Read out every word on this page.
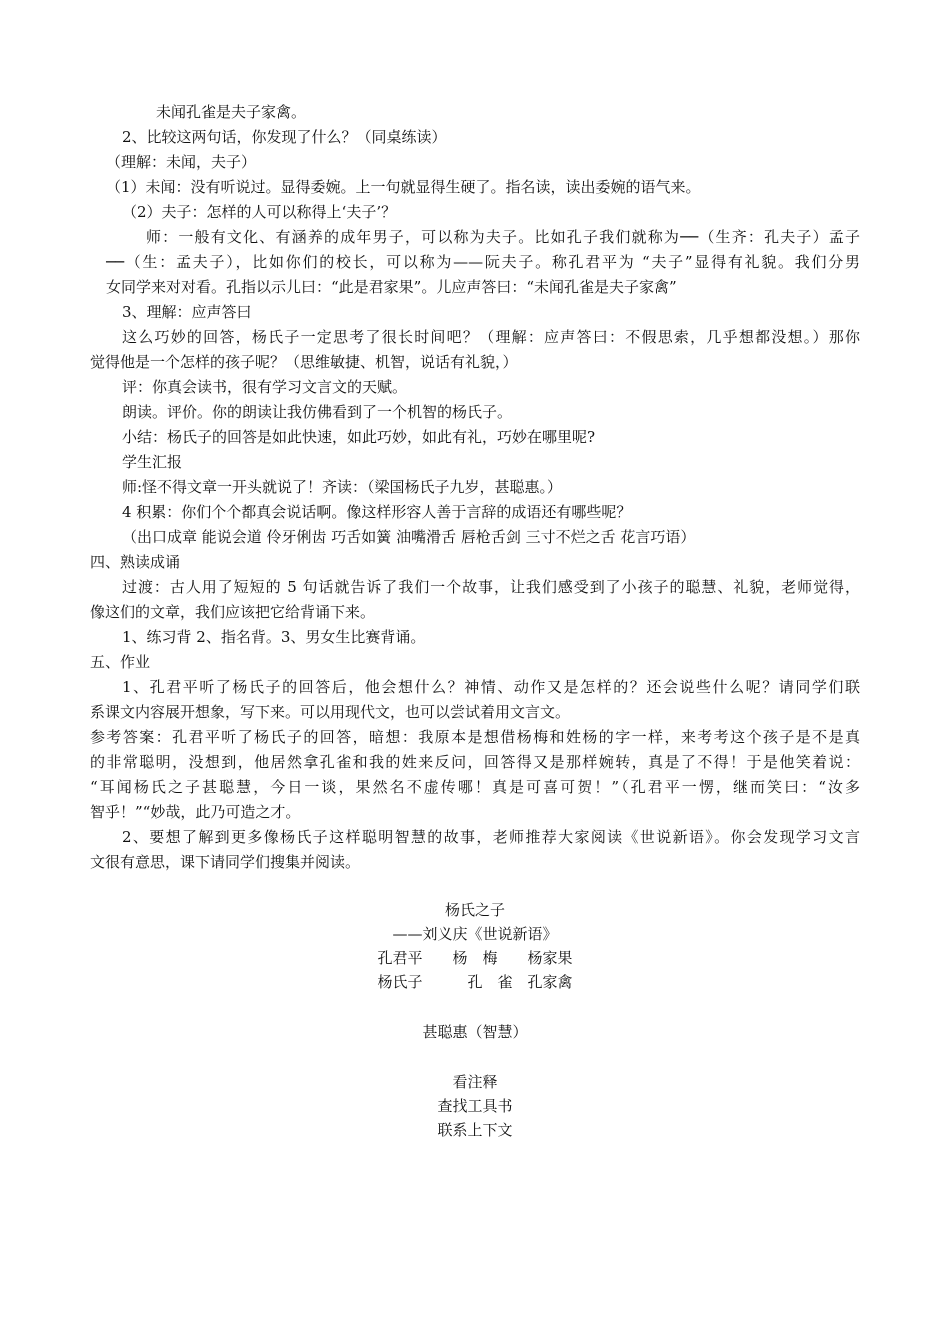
未闻孔雀是夫子家禽。
2、比较这两句话，你发现了什么？（同桌练读）
（理解：未闻，夫子）
（1）未闻：没有听说过。显得委婉。上一句就显得生硬了。指名读，读出委婉的语气来。
（2）夫子：怎样的人可以称得上‘夫子’？
师：一般有文化、有涵养的成年男子，可以称为夫子。比如孔子我们就称为──（生齐：孔夫子）孟子
──（生：孟夫子），比如你们的校长，可以称为——阮夫子。称孔君平为 “夫子”显得有礼貌。我们分男
女同学来对对看。孔指以示儿曰：“此是君家果”。儿应声答曰：“未闻孔雀是夫子家禽”
3、理解：应声答曰
这么巧妙的回答，杨氏子一定思考了很长时间吧？（理解：应声答曰：不假思索，几乎想都没想。）那你
觉得他是一个怎样的孩子呢？（思维敏捷、机智，说话有礼貌，）
评：你真会读书，很有学习文言文的天赋。
朗读。评价。你的朗读让我仿佛看到了一个机智的杨氏子。
小结：杨氏子的回答是如此快速，如此巧妙，如此有礼，巧妙在哪里呢?
学生汇报
师:怪不得文章一开头就说了！齐读：（梁国杨氏子九岁，甚聪惠。）
4 积累：你们个个都真会说话啊。像这样形容人善于言辞的成语还有哪些呢？
（出口成章 能说会道 伶牙俐齿 巧舌如簧 油嘴滑舌 唇枪舌剑 三寸不烂之舌 花言巧语）
四、熟读成诵
过渡：古人用了短短的 5 句话就告诉了我们一个故事，让我们感受到了小孩子的聪慧、礼貌，老师觉得，
像这们的文章，我们应该把它给背诵下来。
1、练习背 2、指名背。3、男女生比赛背诵。
五、作业
1、孔君平听了杨氏子的回答后，他会想什么？神情、动作又是怎样的？还会说些什么呢？请同学们联
系课文内容展开想象，写下来。可以用现代文，也可以尝试着用文言文。
参考答案：孔君平听了杨氏子的回答，暗想：我原本是想借杨梅和姓杨的字一样，来考考这个孩子是不是真
的非常聪明，没想到，他居然拿孔雀和我的姓来反问，回答得又是那样婉转，真是了不得！于是他笑着说：
“耳闻杨氏之子甚聪慧，今日一谈，果然名不虚传哪！真是可喜可贺！”（孔君平一愣，继而笑曰：“汝多
智乎！”“妙哉，此乃可造之才。
2、要想了解到更多像杨氏子这样聪明智慧的故事，老师推荐大家阅读《世说新语》。你会发现学习文言
文很有意思，课下请同学们搜集并阅读。
杨氏之子
——刘义庆《世说新语》
孔君平　　杨　梅　　杨家果
杨氏子　　　孔　雀　孔家禽
甚聪惠（智慧）
看注释
查找工具书
联系上下文
